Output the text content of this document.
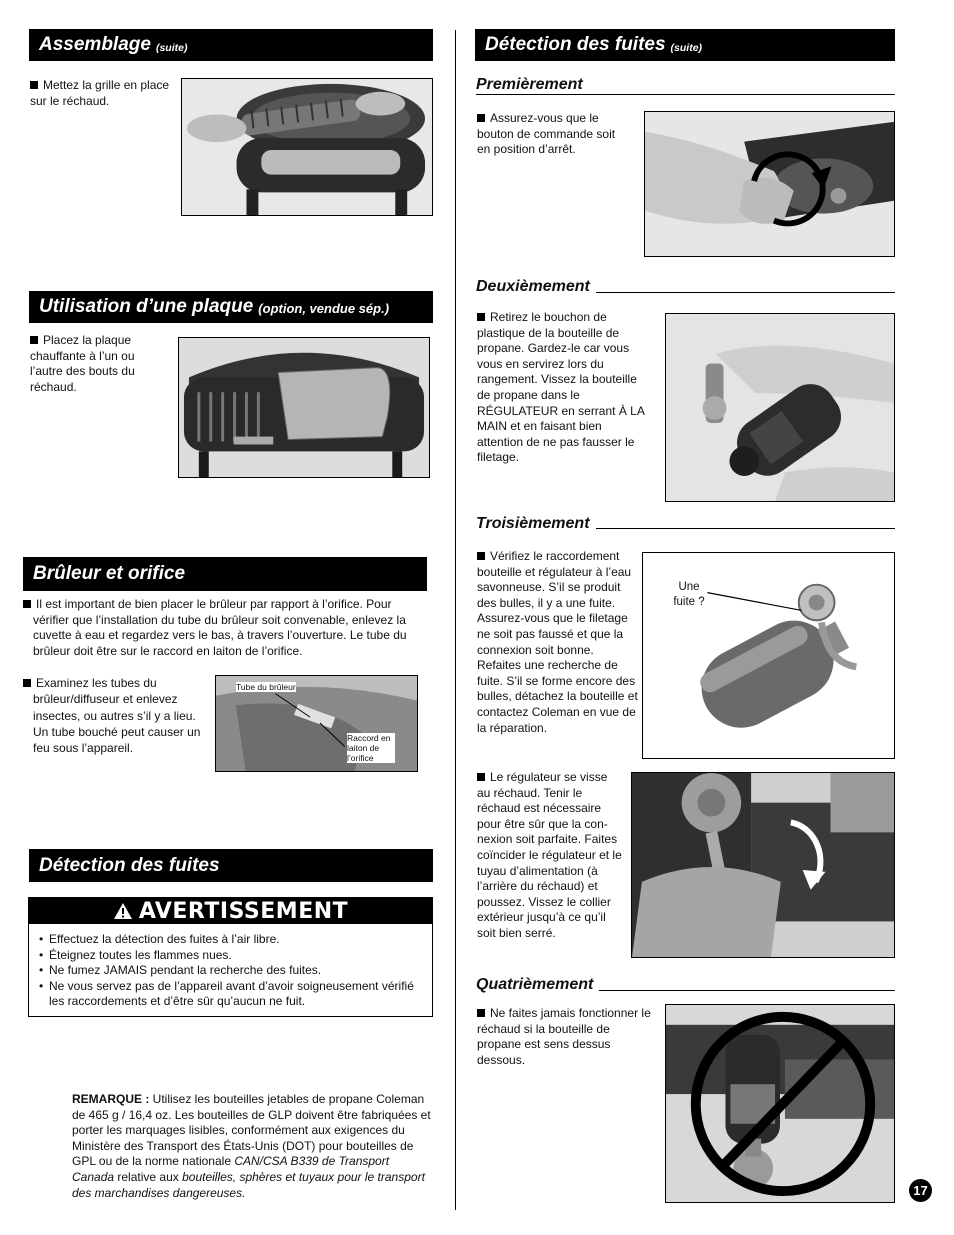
Assemblage (suite)
Mettez la grille en place sur le réchaud.
Utilisation d’une plaque (option, vendue sép.)
Placez la plaque chauffante à l’un ou l’autre des bouts du réchaud.
Brûleur et orifice
Il est important de bien placer le brûleur par rapport à l’orifice. Pour vérifier que l’installation du tube du brûleur soit convenable, enlevez la cuvette à eau et regardez vers le bas, à travers l’ouverture. Le tube du brûleur doit être sur le raccord en laiton de l’orifice.
Examinez les tubes du brûleur/diffuseur et enlevez insectes, ou autres s’il y a lieu. Un tube bouché peut causer un feu sous l’appareil.
Tube du brûleur
Raccord en laiton de l’orifice
Détection des fuites
AVERTISSEMENT
• Effectuez la détection des fuites à l’air libre.
• Éteignez toutes les flammes nues.
• Ne fumez JAMAIS pendant la recherche des fuites.
• Ne vous servez pas de l’appareil avant d’avoir soigneusement vérifié les raccordements et d’être sûr qu’aucun ne fuit.
REMARQUE : Utilisez les bouteilles jetables de propane Coleman de 465 g / 16,4 oz. Les bouteilles de GLP doivent être fabriquées et porter les marquages lisibles, conformément aux exigences du Ministère des Transport des États-Unis (DOT) pour bouteilles de GPL ou de la norme nationale CAN/CSA B339 de Transport Canada relative aux bouteilles, sphères et tuyaux pour le transport des marchandises dangereuses.
Détection des fuites (suite)
Premièrement
Assurez-vous que le bouton de commande soit en position d’arrêt.
Deuxièmement
Retirez le bouchon de plastique de la bouteille de propane. Gardez-le car vous vous en servirez lors du rangement. Vissez la bouteille de propane dans le RÉGULATEUR en serrant À LA MAIN et en faisant bien attention de ne pas fausser le filetage.
Troisièmement
Vérifiez le raccordement bouteille et régulateur à l’eau savonneuse. S’il se produit des bulles, il y a une fuite. Assurez-vous que le filetage ne soit pas faussé et que la connexion soit bonne. Refaites une recherche de fuite. S’il se forme encore des bulles, détachez la bouteille et contactez Coleman en vue de la réparation.
Une fuite ?
Le régulateur se visse au réchaud. Tenir le réchaud est nécessaire pour être sûr que la con-nexion soit parfaite. Faites coïncider le régulateur et le tuyau d’alimentation (à l’arrière du réchaud) et poussez. Vissez le collier extérieur jusqu’à ce qu’il soit bien serré.
Quatrièmement
Ne faites jamais fonctionner le réchaud si la bouteille de propane est sens dessus dessous.
17
